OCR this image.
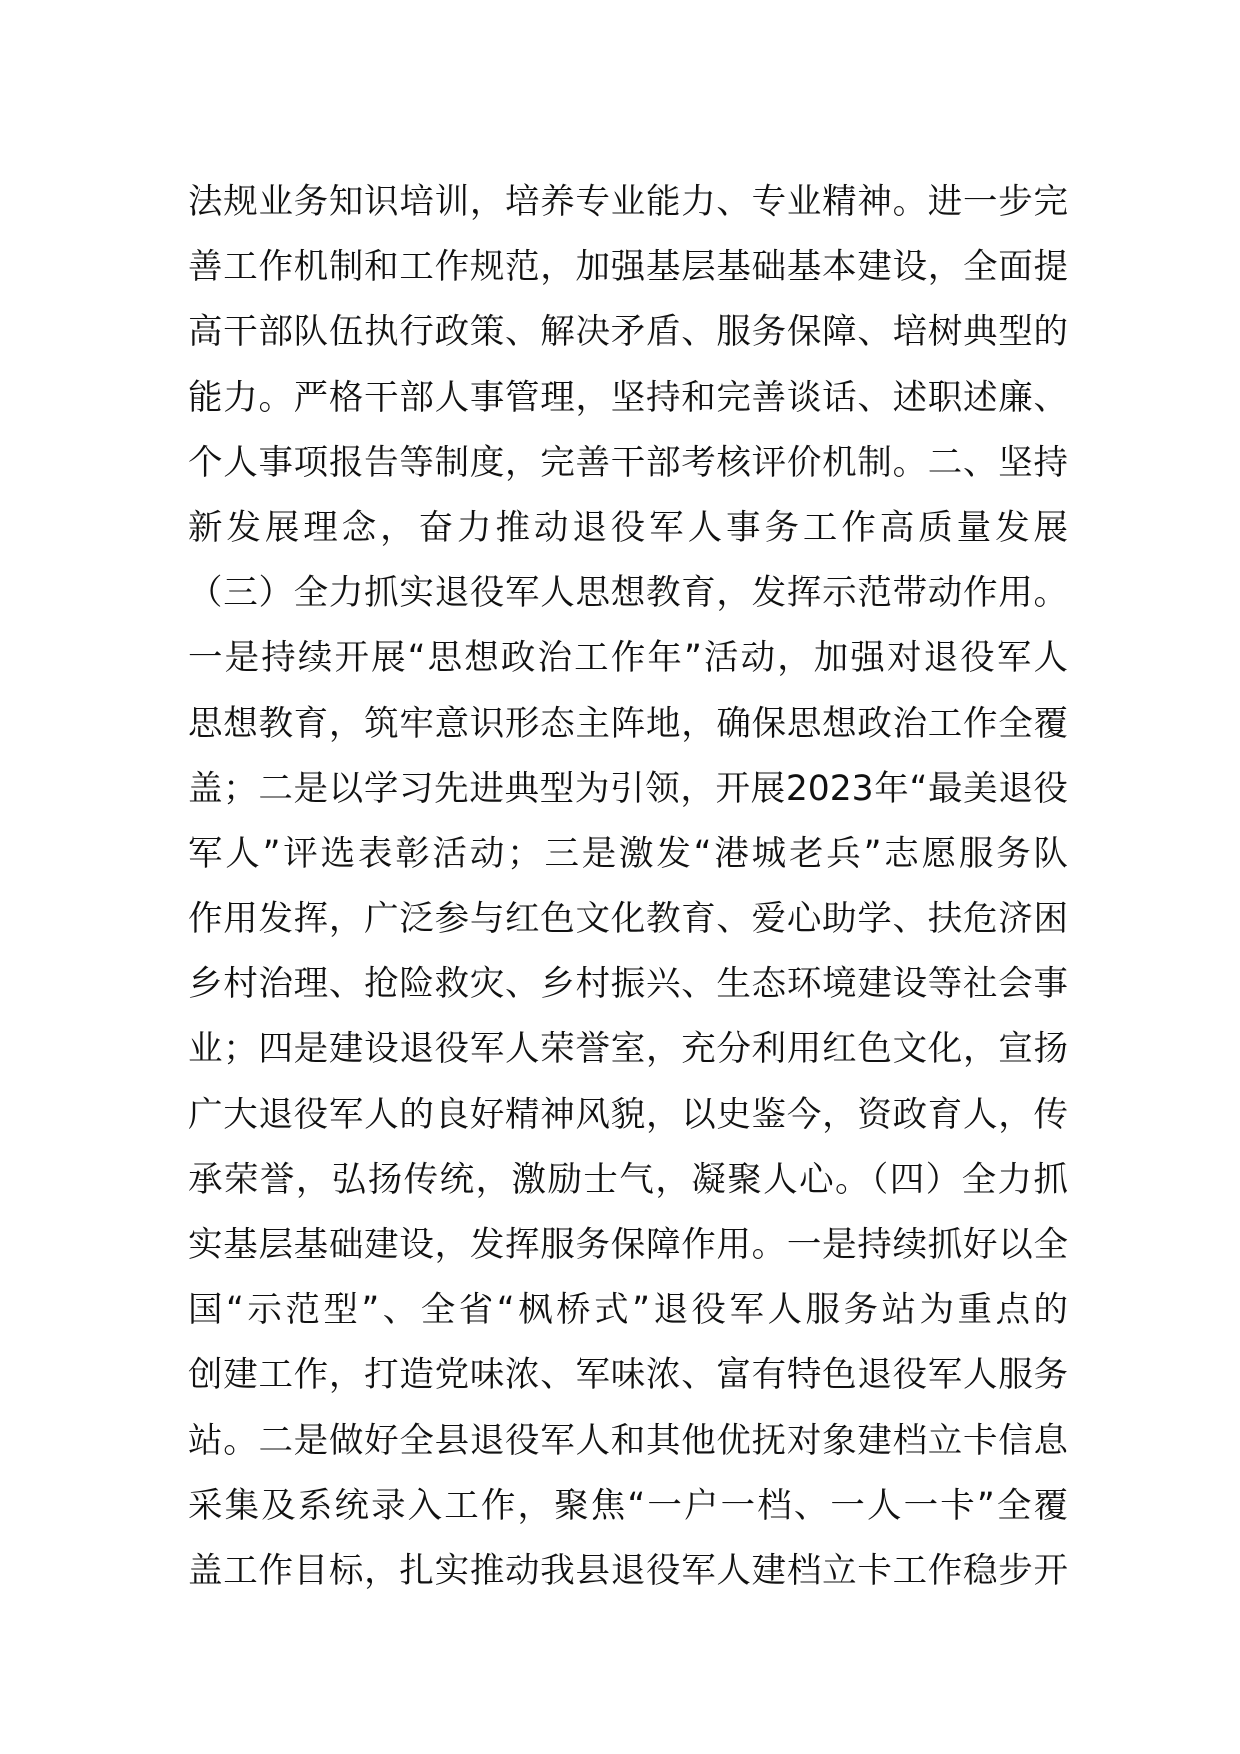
法规业务知识培训，培养专业能力、专业精神。进一步完
善工作机制和工作规范，加强基层基础基本建设，全面提
高干部队伍执行政策、解决矛盾、服务保障、培树典型的
能力。严格干部人事管理，坚持和完善谈话、述职述廉、
个人事项报告等制度，完善干部考核评价机制。二、坚持
新发展理念，奋力推动退役军人事务工作高质量发展
（三）全力抓实退役军人思想教育，发挥示范带动作用。
一是持续开展“思想政治工作年”活动，加强对退役军人
思想教育，筑牢意识形态主阵地，确保思想政治工作全覆
盖；二是以学习先进典型为引领，开展2023年“最美退役
军人”评选表彰活动；三是激发“港城老兵”志愿服务队
作用发挥，广泛参与红色文化教育、爱心助学、扶危济困
乡村治理、抢险救灾、乡村振兴、生态环境建设等社会事
业；四是建设退役军人荣誉室，充分利用红色文化，宣扬
广大退役军人的良好精神风貌，以史鉴今，资政育人，传
承荣誉，弘扬传统，激励士气，凝聚人心。（四）全力抓
实基层基础建设，发挥服务保障作用。一是持续抓好以全
国“示范型”、全省“枫桥式”退役军人服务站为重点的
创建工作，打造党味浓、军味浓、富有特色退役军人服务
站。二是做好全县退役军人和其他优抚对象建档立卡信息
采集及系统录入工作，聚焦“一户一档、一人一卡”全覆
盖工作目标，扎实推动我县退役军人建档立卡工作稳步开
